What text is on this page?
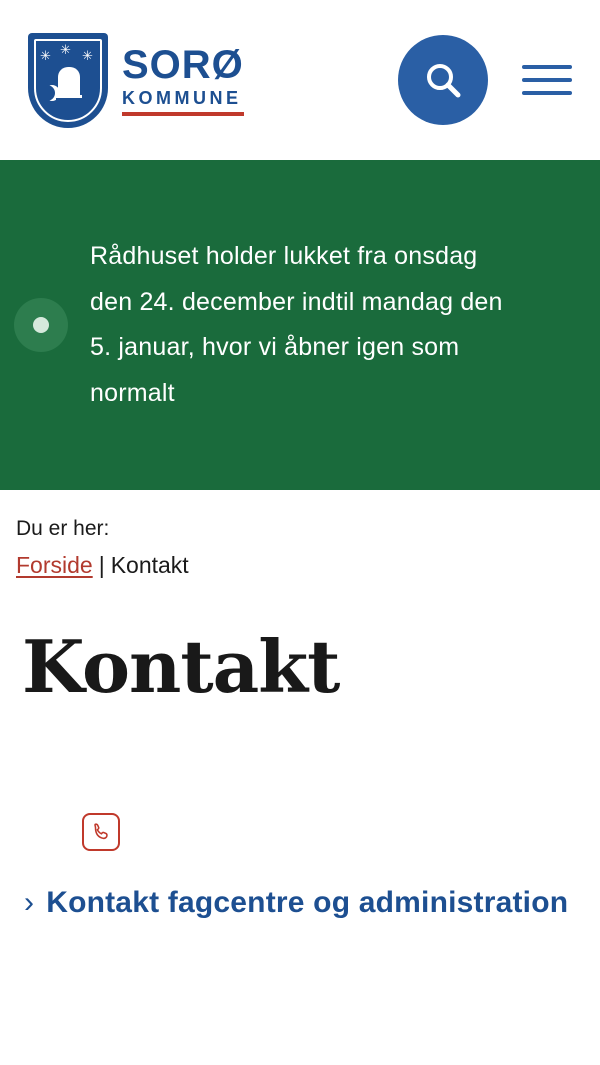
✳ ✳ ✳ SORØ
KOMMUNE
Rådhuset holder lukket fra onsdag den 24. december indtil mandag den 5. januar, hvor vi åbner igen som normalt
Du er her:
Forside | Kontakt
Kontakt
› Kontakt fagcentre og administration
